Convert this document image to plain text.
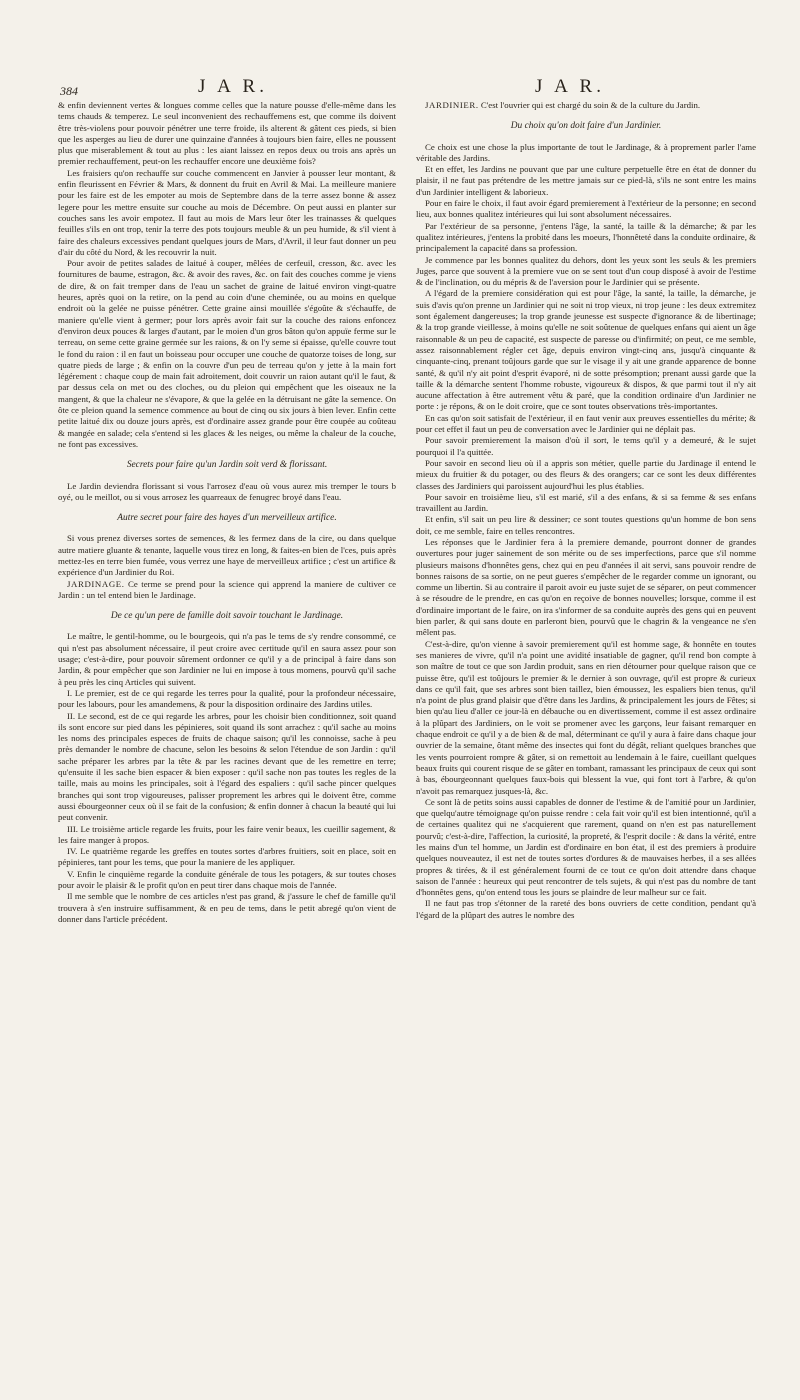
384	J A R.	J A R.

& enfin deviennent vertes & longues comme celles que la nature pousse d'elle-même dans les tems chauds & temperez. Le seul inconvenient des rechauffemens est, que comme ils doivent être très-violens pour pouvoir pénétrer une terre froide, ils alterent & gâtent ces pieds, si bien que les asperges au lieu de durer une quinzaine d'années à toujours bien faire, elles ne poussent plus que miserablement & tout au plus : les aiant laissez en repos deux ou trois ans après un premier rechauffement, peut-on les rechauffer encore une deuxième fois?

Les fraisiers qu'on rechauffe sur couche commencent en Janvier à pousser leur montant, & enfin fleurissent en Février & Mars, & donnent du fruit en Avril & Mai. La meilleure maniere pour les faire est de les empoter au mois de Septembre dans de la terre assez bonne & assez legere pour les mettre ensuite sur couche au mois de Décembre. On peut aussi en planter sur couches sans les avoir empotez. Il faut au mois de Mars leur ôter les trainasses & quelques feuilles s'ils en ont trop, tenir la terre des pots toujours meuble & un peu humide, & s'il vient à faire des chaleurs excessives pendant quelques jours de Mars, d'Avril, il leur faut donner un peu d'air du côté du Nord, & les recouvrir la nuit.

Pour avoir de petites salades de laitué à couper, mêlées de cerfeuil, cresson, &c. avec les fournitures de baume, estragon, &c. & avoir des raves, &c. on fait des couches comme je viens de dire, & on fait tremper dans de l'eau un sachet de graine de laitué environ vingt-quatre heures, après quoi on la retire, on la pend au coin d'une cheminée, ou au moins en quelque endroit où la gelée ne puisse pénétrer. Cette graine ainsi mouillée s'égoûte & s'échauffe, de maniere qu'elle vient à germer; pour lors après avoir fait sur la couche des raions enfoncez d'environ deux pouces & larges d'autant, par le moien d'un gros bâton qu'on appuïe ferme sur le terreau, on seme cette graine germée sur les raions, & on l'y seme si épaisse, qu'elle couvre tout le fond du raion : il en faut un boisseau pour occuper une couche de quatorze toises de long, sur quatre pieds de large ; & enfin on la couvre d'un peu de terreau qu'on y jette à la main fort légérement : chaque coup de main fait adroitement, doit couvrir un raion autant qu'il le faut, & par dessus cela on met ou des cloches, ou du pleion qui empêchent que les oiseaux ne la mangent, & que la chaleur ne s'évapore, & que la gelée en la détruisant ne gâte la semence. On ôte ce pleion quand la semence commence au bout de cinq ou six jours à bien lever. Enfin cette petite laitué dix ou douze jours après, est d'ordinaire assez grande pour être coupée au coûteau & mangée en salade; cela s'entend si les glaces & les neiges, ou même la chaleur de la couche, ne font pas excessives.

Secrets pour faire qu'un Jardin soit verd & florissant.

Le Jardin deviendra florissant si vous l'arrosez d'eau où vous aurez mis tremper le tours b oyé, ou le meillot, ou si vous arrosez les quarreaux de fenugrec broyé dans l'eau.

Autre secret pour faire des hayes d'un merveilleux artifice.

Si vous prenez diverses sortes de semences, & les fermez dans de la cire, ou dans quelque autre matiere gluante & tenante, laquelle vous tirez en long, & faites-en bien de l'ces, puis après mettez-les en terre bien fumée, vous verrez une haye de merveilleux artifice ; c'est un artifice & expérience d'un Jardinier du Roi.

JARDINAGE. Ce terme se prend pour la science qui apprend la maniere de cultiver ce Jardin : un tel entend bien le Jardinage.

De ce qu'un pere de famille doit savoir touchant le Jardinage.

Le maître, le gentil-homme, ou le bourgeois, qui n'a pas le tems de s'y rendre consommé, ce qui n'est pas absolument nécessaire, il peut croire avec certitude qu'il en saura assez pour son usage; c'est-à-dire, pour pouvoir sûrement ordonner ce qu'il y a de principal à faire dans son Jardin, & pour empêcher que son Jardinier ne lui en impose à tous momens, pourvû qu'il sache à peu près les cinq Articles qui suivent.

I. Le premier, est de ce qui regarde les terres pour la qualité, pour la profondeur nécessaire, pour les labours, pour les amandemens, & pour la disposition ordinaire des Jardins utiles.

II. Le second, est de ce qui regarde les arbres, pour les choisir bien conditionnez, soit quand ils sont encore sur pied dans les pépinieres, soit quand ils sont arrachez : qu'il sache au moins les noms des principales especes de fruits de chaque saison; qu'il les connoisse, sache à peu près demander le nombre de chacune, selon les besoins & selon l'étendue de son Jardin : qu'il sache préparer les arbres par la tête & par les racines devant que de les remettre en terre; qu'ensuite il les sache bien espacer & bien exposer : qu'il sache non pas toutes les regles de la taille, mais au moins les principales, soit à l'égard des espaliers : qu'il sache pincer quelques branches qui sont trop vigoureuses, palisser proprement les arbres qui le doivent être, comme aussi ébourgeonner ceux où il se fait de la confusion; & enfin donner à chacun la beauté qui lui peut convenir.

III. Le troisième article regarde les fruits, pour les faire venir beaux, les cueillir sagement, & les faire manger à propos.

IV. Le quatrième regarde les greffes en toutes sortes d'arbres fruitiers, soit en place, soit en pépinieres, tant pour les tems, que pour la maniere de les appliquer.

V. Enfin le cinquième regarde la conduite générale de tous les potagers, & sur toutes choses pour avoir le plaisir & le profit qu'on en peut tirer dans chaque mois de l'année.

Il me semble que le nombre de ces articles n'est pas grand, & j'assure le chef de famille qu'il trouvera à s'en instruire suffisamment, & en peu de tems, dans le petit abregé qu'on vient de donner dans l'article précédent.

JARDINIER. C'est l'ouvrier qui est chargé du soin & de la culture du Jardin.

Du choix qu'on doit faire d'un Jardinier.

Ce choix est une chose la plus importante de tout le Jardinage, & à proprement parler l'ame véritable des Jardins.

Et en effet, les Jardins ne pouvant que par une culture perpetuelle être en état de donner du plaisir, il ne faut pas prétendre de les mettre jamais sur ce pied-là, s'ils ne sont entre les mains d'un Jardinier intelligent & laborieux.

Pour en faire le choix, il faut avoir égard premierement à l'extérieur de la personne; en second lieu, aux bonnes qualitez intérieures qui lui sont absolument nécessaires.

Par l'extérieur de sa personne, j'entens l'âge, la santé, la taille & la démarche; & par les qualitez intérieures, j'entens la probité dans les moeurs, l'honnêteté dans la conduite ordinaire, & principalement la capacité dans sa profession.

Je commence par les bonnes qualitez du dehors, dont les yeux sont les seuls & les premiers Juges, parce que souvent à la premiere vue on se sent tout d'un coup disposé à avoir de l'estime & de l'inclination, ou du mépris & de l'aversion pour le Jardinier qui se présente.

A l'égard de la premiere considération qui est pour l'âge, la santé, la taille, la démarche, je suis d'avis qu'on prenne un Jardinier qui ne soit ni trop vieux, ni trop jeune : les deux extremitez sont également dangereuses; la trop grande jeunesse est suspecte d'ignorance & de libertinage; & la trop grande vieillesse, à moins qu'elle ne soit soûtenue de quelques enfans qui aient un âge raisonnable & un peu de capacité, est suspecte de paresse ou d'infirmité; on peut, ce me semble, assez raisonnablement régler cet âge, depuis environ vingt-cinq ans, jusqu'à cinquante & cinquante-cinq, prenant toûjours garde que sur le visage il y ait une grande apparence de bonne santé, & qu'il n'y ait point d'esprit évaporé, ni de sotte présomption; prenant aussi garde que la taille & la démarche sentent l'homme robuste, vigoureux & dispos, & que parmi tout il n'y ait aucune affectation à être autrement vêtu & paré, que la condition ordinaire d'un Jardinier ne porte : je répons, & on le doit croire, que ce sont toutes observations très-importantes.

En cas qu'on soit satisfait de l'extérieur, il en faut venir aux preuves essentielles du mérite; & pour cet effet il faut un peu de conversation avec le Jardinier qui ne déplait pas.

Pour savoir premierement la maison d'où il sort, le tems qu'il y a demeuré, & le sujet pourquoi il l'a quittée.

Pour savoir en second lieu où il a appris son métier, quelle partie du Jardinage il entend le mieux du fruitier & du potager, ou des fleurs & des orangers; car ce sont les deux différentes classes des Jardiniers qui paroissent aujourd'hui les plus établies.

Pour savoir en troisième lieu, s'il est marié, s'il a des enfans, & si sa femme & ses enfans travaillent au Jardin.

Et enfin, s'il sait un peu lire & dessiner; ce sont toutes questions qu'un homme de bon sens doit, ce me semble, faire en telles rencontres.

Les réponses que le Jardinier fera à la premiere demande, pourront donner de grandes ouvertures pour juger sainement de son mérite ou de ses imperfections, parce que s'il nomme plusieurs maisons d'honnêtes gens, chez qui en peu d'années il ait servi, sans pouvoir rendre de bonnes raisons de sa sortie, on ne peut gueres s'empêcher de le regarder comme un ignorant, ou comme un libertin. Si au contraire il paroit avoir eu juste sujet de se séparer, on peut commencer à se résoudre de le prendre, en cas qu'on en reçoive de bonnes nouvelles; lorsque, comme il est d'ordinaire important de le faire, on ira s'informer de sa conduite auprès des gens qui en peuvent bien parler, & qui sans doute en parleront bien, pourvû que le chagrin & la vengeance ne s'en mêlent pas.

C'est-à-dire, qu'on vienne à savoir premierement qu'il est homme sage, & honnête en toutes ses manieres de vivre, qu'il n'a point une avidité insatiable de gagner, qu'il rend bon compte à son maître de tout ce que son Jardin produit, sans en rien détourner pour quelque raison que ce puisse être, qu'il est toûjours le premier & le dernier à son ouvrage, qu'il est propre & curieux dans ce qu'il fait, que ses arbres sont bien taillez, bien émoussez, les espaliers bien tenus, qu'il n'a point de plus grand plaisir que d'être dans les Jardins, & principalement les jours de Fêtes; si bien qu'au lieu d'aller ce jour-là en débauche ou en divertissement, comme il est assez ordinaire à la plûpart des Jardiniers, on le voit se promener avec les garçons, leur faisant remarquer en chaque endroit ce qu'il y a de bien & de mal, déterminant ce qu'il y aura à faire dans chaque jour ouvrier de la semaine, ôtant même des insectes qui font du dégât, reliant quelques branches que les vents pourroient rompre & gâter, si on remettoit au lendemain à le faire, cueillant quelques beaux fruits qui courent risque de se gâter en tombant, ramassant les principaux de ceux qui sont à bas, ébourgeonnant quelques faux-bois qui blessent la vue, qui font tort à l'arbre, & qu'on n'avoit pas remarquez jusques-là, &c.

Ce sont là de petits soins aussi capables de donner de l'estime & de l'amitié pour un Jardinier, que quelqu'autre témoignage qu'on puisse rendre : cela fait voir qu'il est bien intentionné, qu'il a de certaines qualitez qui ne s'acquierent que rarement, quand on n'en est pas naturellement pourvû; c'est-à-dire, l'affection, la curiosité, la propreté, & l'esprit docile : & dans la vérité, entre les mains d'un tel homme, un Jardin est d'ordinaire en bon état, il est des premiers à produire quelques nouveautez, il est net de toutes sortes d'ordures & de mauvaises herbes, il a ses allées propres & tirées, & il est généralement fourni de ce tout ce qu'on doit attendre dans chaque saison de l'année : heureux qui peut rencontrer de tels sujets, & qui n'est pas du nombre de tant d'honnêtes gens, qu'on entend tous les jours se plaindre de leur malheur sur ce fait.

Il ne faut pas trop s'étonner de la rareté des bons ouvriers de cette condition, pendant qu'à l'égard de la plûpart des autres le nombre des
